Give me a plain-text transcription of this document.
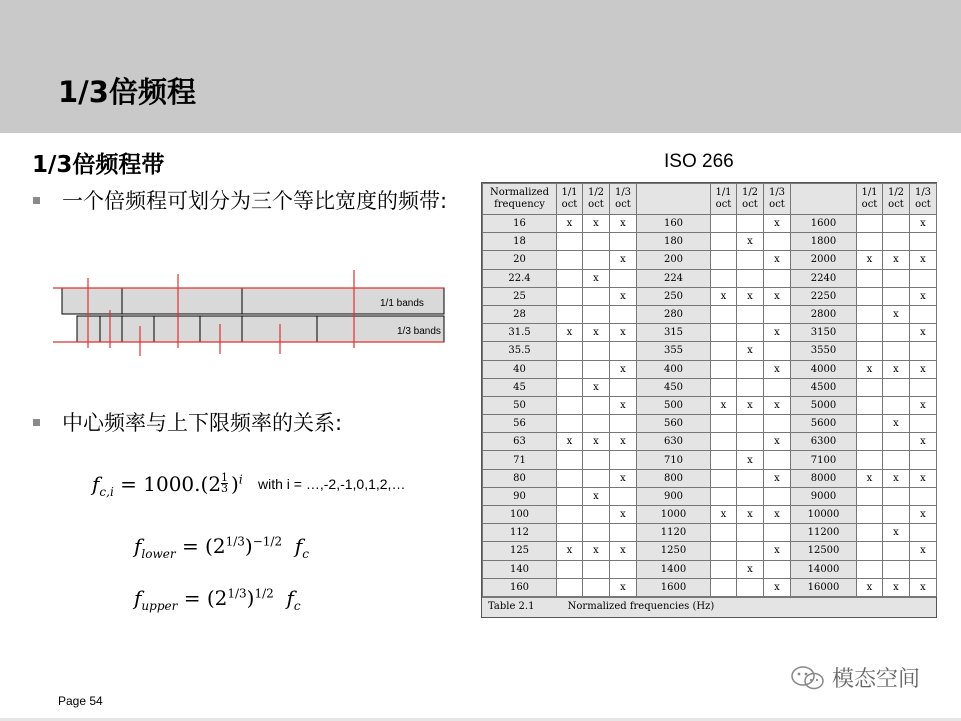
1/3倍频程
1/3倍频程带
一个倍频程可划分为三个等比宽度的频带:
1/1 bands
1/3 bands
中心频率与上下限频率的关系:
$f_{c,i} = 1000.(2$ 1
3 )$^i$ with i = …,-2,-1,0,1,2,…
$f_{lower} = (2^{1/3})^{-1/2}$ $f_c$
$f_{upper} = (2^{1/3})^{1/2}$ $f_c$
ISO 266
Normalized frequency	1/1 oct	1/2 oct	1/3 oct		1/1 oct	1/2 oct	1/3 oct		1/1 oct	1/2 oct	1/3 oct
16	x	x	x	160			x	1600			x
18				180		x		1800			
20			x	200			x	2000	x	x	x
22.4		x		224				2240			
25			x	250	x	x	x	2250			x
28				280				2800		x	
31.5	x	x	x	315			x	3150			x
35.5				355		x		3550			
40			x	400			x	4000	x	x	x
45		x		450				4500			
50			x	500	x	x	x	5000			x
56				560				5600		x	
63	x	x	x	630			x	6300			x
71				710		x		7100			
80			x	800			x	8000	x	x	x
90		x		900				9000			
100			x	1000	x	x	x	10000			x
112				1120				11200		x	
125	x	x	x	1250			x	12500			x
140				1400		x		14000			
160			x	1600			x	16000	x	x	x
Table 2.1	Normalized frequencies (Hz)
Page 54
模态空间
